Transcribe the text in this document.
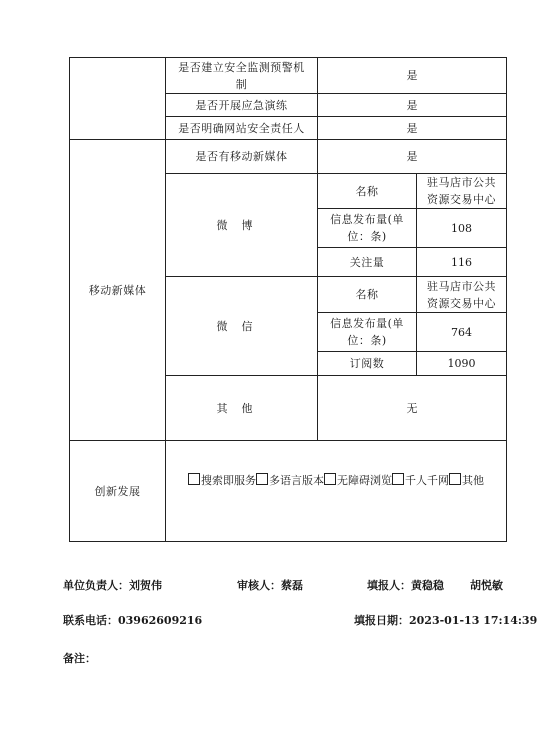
	是否建立安全监测预警机制	是	
	是否开展应急演练	是	
	是否明确网站安全责任人	是	

移动新媒体	是否有移动新媒体	是	
	微博	名称	驻马店市公共资源交易中心
		信息发布量(单位：条)	108
		关注量	116
	微信	名称	驻马店市公共资源交易中心
		信息发布量(单位：条)	764
		订阅数	1090
	其他	无	

创新发展	搜索即服务 多语言版本 无障碍浏览 千人千网 其他		
单位负责人：刘贺伟	审核人：蔡磊	填报人：黄稳稳 胡悦敏
联系电话：03962609216	填报日期：2023-01-13 17:14:39
备注：
